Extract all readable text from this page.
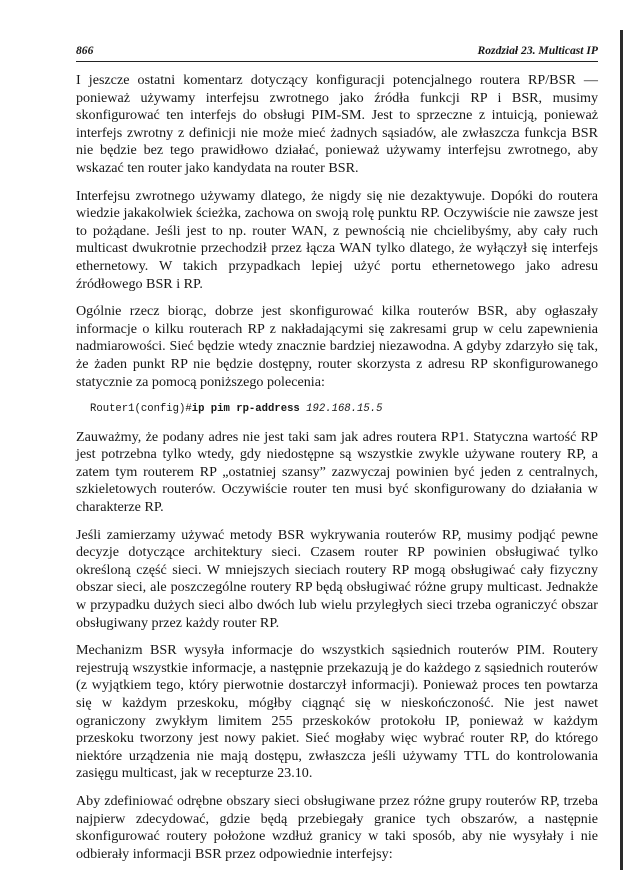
866	Rozdział 23. Multicast IP

I jeszcze ostatni komentarz dotyczący konfiguracji potencjalnego routera RP/BSR — ponieważ używamy interfejsu zwrotnego jako źródła funkcji RP i BSR, musimy skonfigurować ten interfejs do obsługi PIM-SM. Jest to sprzeczne z intuicją, ponieważ interfejs zwrotny z definicji nie może mieć żadnych sąsiadów, ale zwłaszcza funkcja BSR nie będzie bez tego prawidłowo działać, ponieważ używamy interfejsu zwrotnego, aby wskazać ten router jako kandydata na router BSR.

Interfejsu zwrotnego używamy dlatego, że nigdy się nie dezaktywuje. Dopóki do routera wiedzie jakakolwiek ścieżka, zachowa on swoją rolę punktu RP. Oczywiście nie zawsze jest to pożądane. Jeśli jest to np. router WAN, z pewnością nie chcielibyśmy, aby cały ruch multicast dwukrotnie przechodził przez łącza WAN tylko dlatego, że wyłączył się interfejs ethernetowy. W takich przypadkach lepiej użyć portu ethernetowego jako adresu źródłowego BSR i RP.

Ogólnie rzecz biorąc, dobrze jest skonfigurować kilka routerów BSR, aby ogłaszały informacje o kilku routerach RP z nakładającymi się zakresami grup w celu zapewnienia nadmiarowości. Sieć będzie wtedy znacznie bardziej niezawodna. A gdyby zdarzyło się tak, że żaden punkt RP nie będzie dostępny, router skorzysta z adresu RP skonfigurowanego statycznie za pomocą poniższego polecenia:

Router1(config)#ip pim rp-address 192.168.15.5

Zauważmy, że podany adres nie jest taki sam jak adres routera RP1. Statyczna wartość RP jest potrzebna tylko wtedy, gdy niedostępne są wszystkie zwykle używane routery RP, a zatem tym routerem RP „ostatniej szansy” zazwyczaj powinien być jeden z centralnych, szkieletowych routerów. Oczywiście router ten musi być skonfigurowany do działania w charakterze RP.

Jeśli zamierzamy używać metody BSR wykrywania routerów RP, musimy podjąć pewne decyzje dotyczące architektury sieci. Czasem router RP powinien obsługiwać tylko określoną część sieci. W mniejszych sieciach routery RP mogą obsługiwać cały fizyczny obszar sieci, ale poszczególne routery RP będą obsługiwać różne grupy multicast. Jednakże w przypadku dużych sieci albo dwóch lub wielu przyległych sieci trzeba ograniczyć obszar obsługiwany przez każdy router RP.

Mechanizm BSR wysyła informacje do wszystkich sąsiednich routerów PIM. Routery rejestrują wszystkie informacje, a następnie przekazują je do każdego z sąsiednich routerów (z wyjątkiem tego, który pierwotnie dostarczył informacji). Ponieważ proces ten powtarza się w każdym przeskoku, mógłby ciągnąć się w nieskończoność. Nie jest nawet ograniczony zwykłym limitem 255 przeskoków protokołu IP, ponieważ w każdym przeskoku tworzony jest nowy pakiet. Sieć mogłaby więc wybrać router RP, do którego niektóre urządzenia nie mają dostępu, zwłaszcza jeśli używamy TTL do kontrolowania zasięgu multicast, jak w recepturze 23.10.

Aby zdefiniować odrębne obszary sieci obsługiwane przez różne grupy routerów RP, trzeba najpierw zdecydować, gdzie będą przebiegały granice tych obszarów, a następnie skonfigurować routery położone wzdłuż granicy w taki sposób, aby nie wysyłały i nie odbierały informacji BSR przez odpowiednie interfejsy:
